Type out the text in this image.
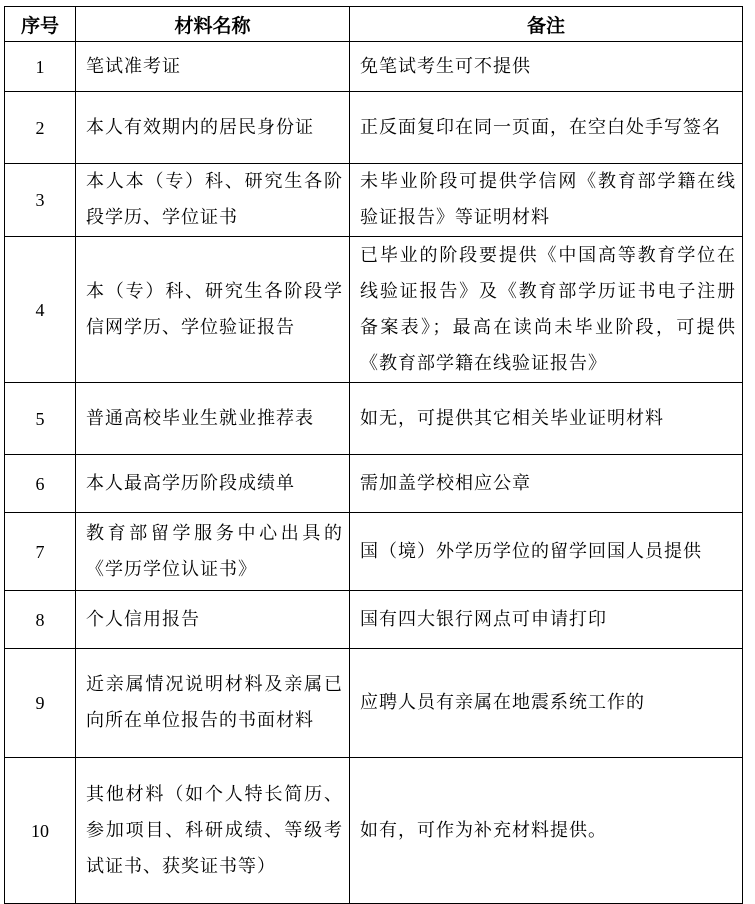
序号	材料名称	备注
1	笔试准考证	免笔试考生可不提供
2	本人有效期内的居民身份证	正反面复印在同一页面，在空白处手写签名
3	本人本（专）科、研究生各阶段学历、学位证书	未毕业阶段可提供学信网《教育部学籍在线验证报告》等证明材料
4	本（专）科、研究生各阶段学信网学历、学位验证报告	已毕业的阶段要提供《中国高等教育学位在线验证报告》及《教育部学历证书电子注册备案表》；最高在读尚未毕业阶段，可提供《教育部学籍在线验证报告》
5	普通高校毕业生就业推荐表	如无，可提供其它相关毕业证明材料
6	本人最高学历阶段成绩单	需加盖学校相应公章
7	教育部留学服务中心出具的《学历学位认证书》	国（境）外学历学位的留学回国人员提供
8	个人信用报告	国有四大银行网点可申请打印
9	近亲属情况说明材料及亲属已向所在单位报告的书面材料	应聘人员有亲属在地震系统工作的
10	其他材料（如个人特长简历、参加项目、科研成绩、等级考试证书、获奖证书等）	如有，可作为补充材料提供。
